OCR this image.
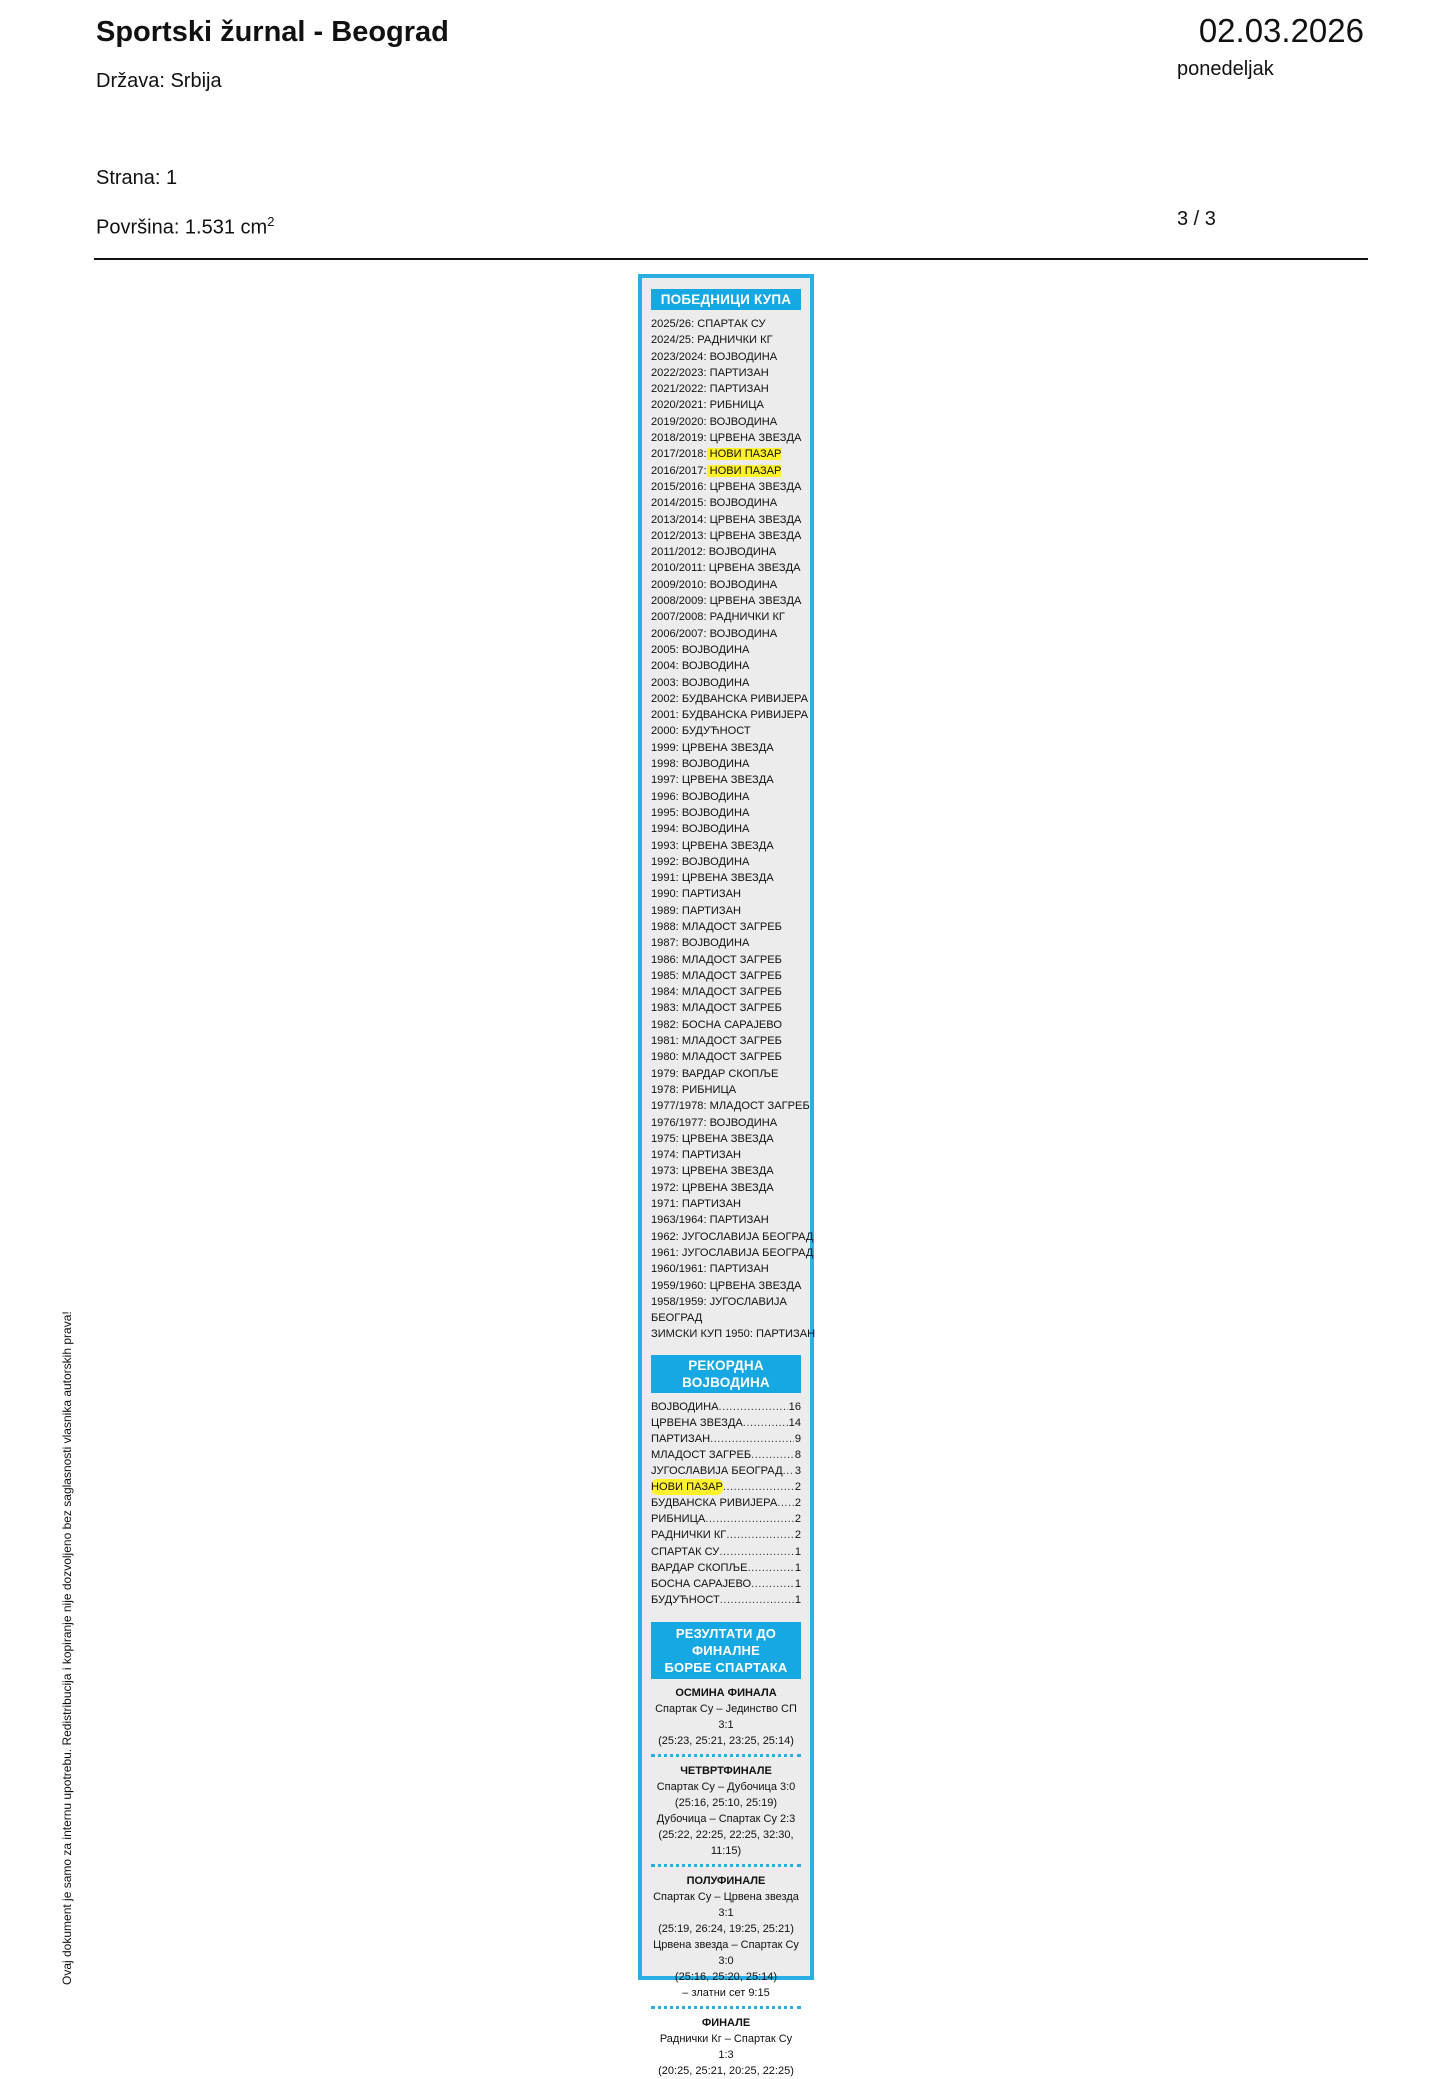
Sportski žurnal - Beograd
Država: Srbija
02.03.2026
ponedeljak
Strana: 1
Površina: 1.531 $cm^2$	3 / 3
Ovaj dokument je samo za internu upotrebu. Redistribucija i kopiranje nije dozvoljeno bez saglasnosti vlasnika autorskih prava!
ПОБЕДНИЦИ КУПА
2025/26: СПАРТАК СУ
2024/25: РАДНИЧКИ КГ
2023/2024: ВОЈВОДИНА
2022/2023: ПАРТИЗАН
2021/2022: ПАРТИЗАН
2020/2021: РИБНИЦА
2019/2020: ВОЈВОДИНА
2018/2019: ЦРВЕНА ЗВЕЗДА
2017/2018: НОВИ ПАЗАР
2016/2017: НОВИ ПАЗАР
2015/2016: ЦРВЕНА ЗВЕЗДА
2014/2015: ВОЈВОДИНА
2013/2014: ЦРВЕНА ЗВЕЗДА
2012/2013: ЦРВЕНА ЗВЕЗДА
2011/2012: ВОЈВОДИНА
2010/2011: ЦРВЕНА ЗВЕЗДА
2009/2010: ВОЈВОДИНА
2008/2009: ЦРВЕНА ЗВЕЗДА
2007/2008: РАДНИЧКИ КГ
2006/2007: ВОЈВОДИНА
2005: ВОЈВОДИНА
2004: ВОЈВОДИНА
2003: ВОЈВОДИНА
2002: БУДВАНСКА РИВИЈЕРА
2001: БУДВАНСКА РИВИЈЕРА
2000: БУДУЋНОСТ
1999: ЦРВЕНА ЗВЕЗДА
1998: ВОЈВОДИНА
1997: ЦРВЕНА ЗВЕЗДА
1996: ВОЈВОДИНА
1995: ВОЈВОДИНА
1994: ВОЈВОДИНА
1993: ЦРВЕНА ЗВЕЗДА
1992: ВОЈВОДИНА
1991: ЦРВЕНА ЗВЕЗДА
1990: ПАРТИЗАН
1989: ПАРТИЗАН
1988: МЛАДОСТ ЗАГРЕБ
1987: ВОЈВОДИНА
1986: МЛАДОСТ ЗАГРЕБ
1985: МЛАДОСТ ЗАГРЕБ
1984: МЛАДОСТ ЗАГРЕБ
1983: МЛАДОСТ ЗАГРЕБ
1982: БОСНА САРАЈЕВО
1981: МЛАДОСТ ЗАГРЕБ
1980: МЛАДОСТ ЗАГРЕБ
1979: ВАРДАР СКОПЉЕ
1978: РИБНИЦА
1977/1978: МЛАДОСТ ЗАГРЕБ
1976/1977: ВОЈВОДИНА
1975: ЦРВЕНА ЗВЕЗДА
1974: ПАРТИЗАН
1973: ЦРВЕНА ЗВЕЗДА
1972: ЦРВЕНА ЗВЕЗДА
1971: ПАРТИЗАН
1963/1964: ПАРТИЗАН
1962: ЈУГОСЛАВИЈА БЕОГРАД
1961: ЈУГОСЛАВИЈА БЕОГРАД
1960/1961: ПАРТИЗАН
1959/1960: ЦРВЕНА ЗВЕЗДА
1958/1959: ЈУГОСЛАВИЈА
БЕОГРАД
ЗИМСКИ КУП 1950: ПАРТИЗАН
РЕКОРДНА ВОЈВОДИНА
ВОЈВОДИНА .....	16
ЦРВЕНА ЗВЕЗДА .....	14
ПАРТИЗАН .....	9
МЛАДОСТ ЗАГРЕБ .....	8
ЈУГОСЛАВИЈА БЕОГРАД ..... 3
НОВИ ПАЗАР .....	2
БУДВАНСКА РИВИЈЕРА ..... 2
РИБНИЦА .....	2
РАДНИЧКИ КГ .....	2
СПАРТАК СУ .....	1
ВАРДАР СКОПЉЕ .....	1
БОСНА САРАЈЕВО .....	1
БУДУЋНОСТ .....	1
РЕЗУЛТАТИ ДО ФИНАЛНЕ
БОРБЕ СПАРТАКА
ОСМИНА ФИНАЛА
Спартак Су – Јединство СП 3:1
(25:23, 25:21, 23:25, 25:14)
ЧЕТВРТФИНАЛЕ
Спартак Су – Дубочица 3:0
(25:16, 25:10, 25:19)
Дубочица – Спартак Су 2:3
(25:22, 22:25, 22:25, 32:30, 11:15)
ПОЛУФИНАЛЕ
Спартак Су – Црвена звезда 3:1
(25:19, 26:24, 19:25, 25:21)
Црвена звезда – Спартак Су 3:0
(25:16, 25:20, 25:14)
– златни сет 9:15
ФИНАЛЕ
Раднички Кг – Спартак Су 1:3
(20:25, 25:21, 20:25, 22:25)
